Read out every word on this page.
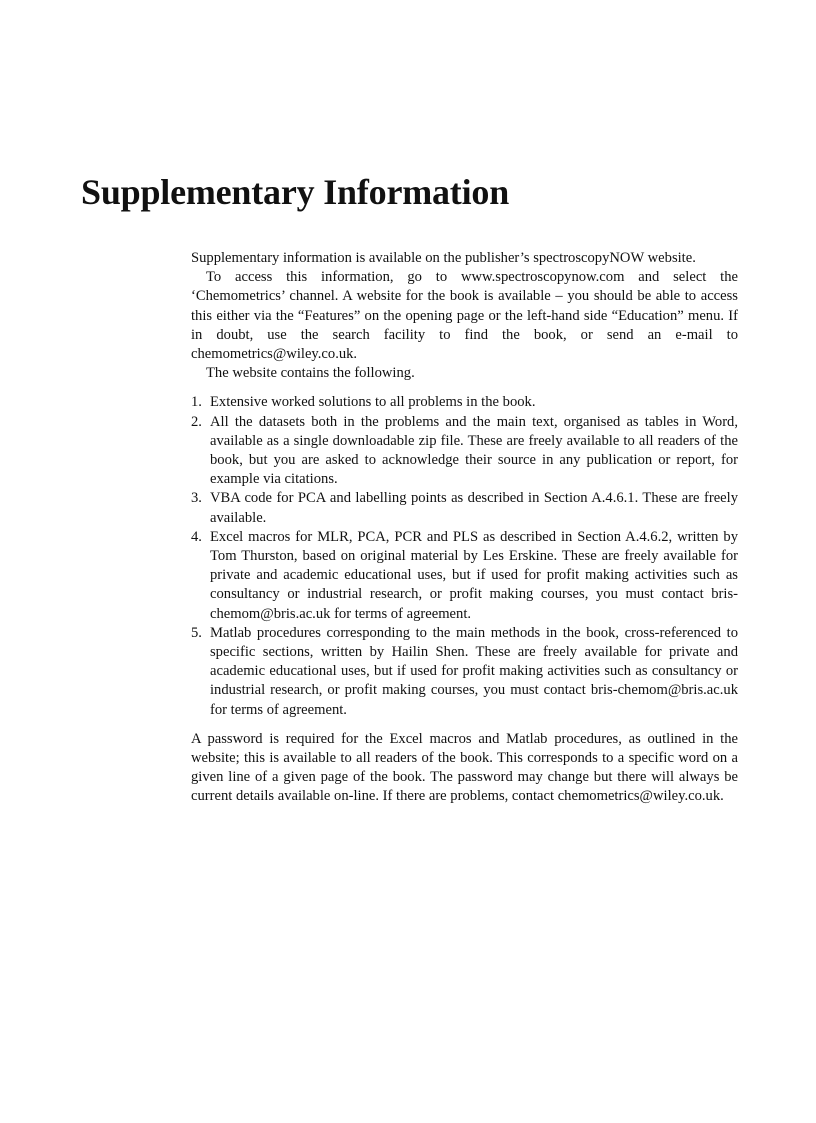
Supplementary Information

Supplementary information is available on the publisher’s spectroscopyNOW website.

To access this information, go to www.spectroscopynow.com and select the ‘Chemometrics’ channel. A website for the book is available – you should be able to access this either via the “Features” on the opening page or the left-hand side “Education” menu. If in doubt, use the search facility to find the book, or send an e-mail to chemometrics@wiley.co.uk.

The website contains the following.

1. Extensive worked solutions to all problems in the book.
2. All the datasets both in the problems and the main text, organised as tables in Word, available as a single downloadable zip file. These are freely available to all readers of the book, but you are asked to acknowledge their source in any publication or report, for example via citations.
3. VBA code for PCA and labelling points as described in Section A.4.6.1. These are freely available.
4. Excel macros for MLR, PCA, PCR and PLS as described in Section A.4.6.2, written by Tom Thurston, based on original material by Les Erskine. These are freely available for private and academic educational uses, but if used for profit making activities such as consultancy or industrial research, or profit making courses, you must contact bris-chemom@bris.ac.uk for terms of agreement.
5. Matlab procedures corresponding to the main methods in the book, cross-referenced to specific sections, written by Hailin Shen. These are freely available for private and academic educational uses, but if used for profit making activities such as consultancy or industrial research, or profit making courses, you must contact bris-chemom@bris.ac.uk for terms of agreement.

A password is required for the Excel macros and Matlab procedures, as outlined in the website; this is available to all readers of the book. This corresponds to a specific word on a given line of a given page of the book. The password may change but there will always be current details available on-line. If there are problems, contact chemometrics@wiley.co.uk.
